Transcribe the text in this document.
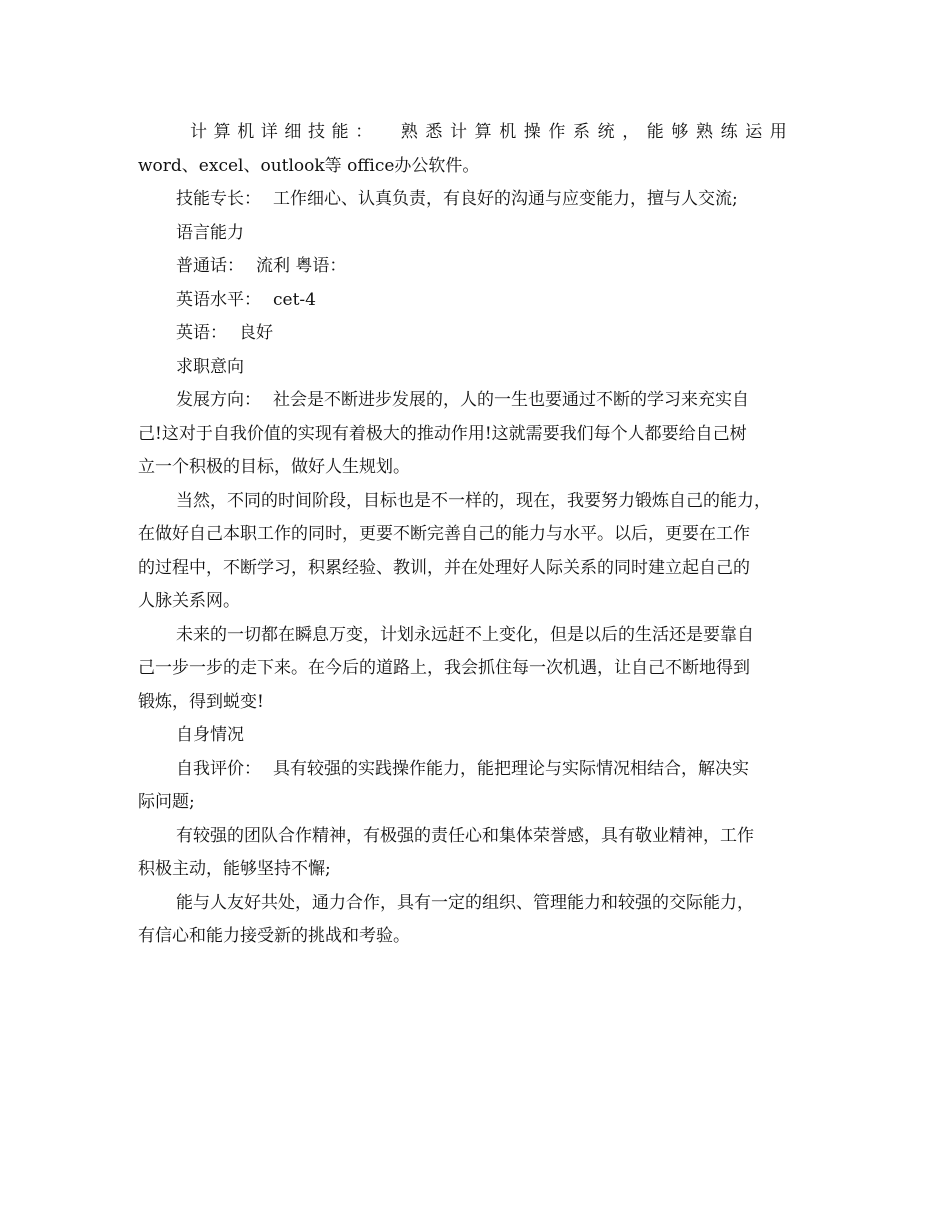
计算机详细技能： 熟悉计算机操作系统，能够熟练运用

word、excel、outlook等 office办公软件。

技能专长： 工作细心、认真负责，有良好的沟通与应变能力，擅与人交流;

语言能力

普通话： 流利 粤语：

英语水平： cet-4

英语： 良好

求职意向

发展方向： 社会是不断进步发展的，人的一生也要通过不断的学习来充实自

己!这对于自我价值的实现有着极大的推动作用!这就需要我们每个人都要给自己树

立一个积极的目标，做好人生规划。

当然，不同的时间阶段，目标也是不一样的，现在，我要努力锻炼自己的能力，

在做好自己本职工作的同时，更要不断完善自己的能力与水平。以后，更要在工作

的过程中，不断学习，积累经验、教训，并在处理好人际关系的同时建立起自己的

人脉关系网。

未来的一切都在瞬息万变，计划永远赶不上变化，但是以后的生活还是要靠自

己一步一步的走下来。在今后的道路上，我会抓住每一次机遇，让自己不断地得到

锻炼，得到蜕变!

自身情况

自我评价： 具有较强的实践操作能力，能把理论与实际情况相结合，解决实

际问题;

有较强的团队合作精神，有极强的责任心和集体荣誉感，具有敬业精神，工作

积极主动，能够坚持不懈;

能与人友好共处，通力合作，具有一定的组织、管理能力和较强的交际能力，

有信心和能力接受新的挑战和考验。
